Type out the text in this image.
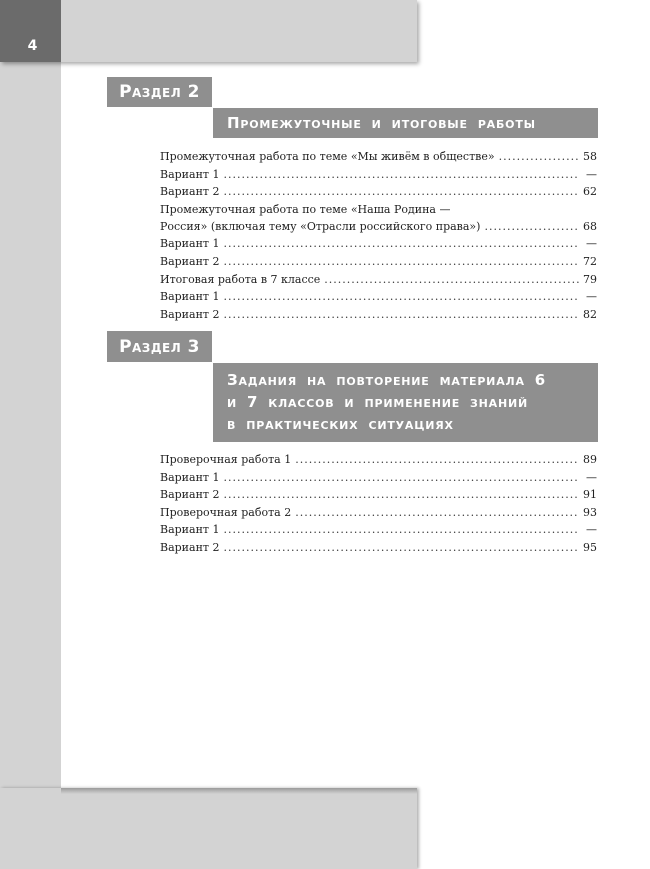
4
Раздел 2
Промежуточные и итоговые работы
Промежуточная работа по теме «Мы живём в обществе» .....	58
Вариант 1 .....	—
Вариант 2 .....	62
Промежуточная работа по теме «Наша Родина —
Россия» (включая тему «Отрасли российского права») .....	68
Вариант 1 .....	—
Вариант 2 .....	72
Итоговая работа в 7 классе .....	79
Вариант 1 .....	—
Вариант 2 .....	82
Раздел 3
Задания на повторение материала 6
и 7 классов и применение знаний
в практических ситуациях
Проверочная работа 1 .....	89
Вариант 1 .....	—
Вариант 2 .....	91
Проверочная работа 2 .....	93
Вариант 1 .....	—
Вариант 2 .....	95
